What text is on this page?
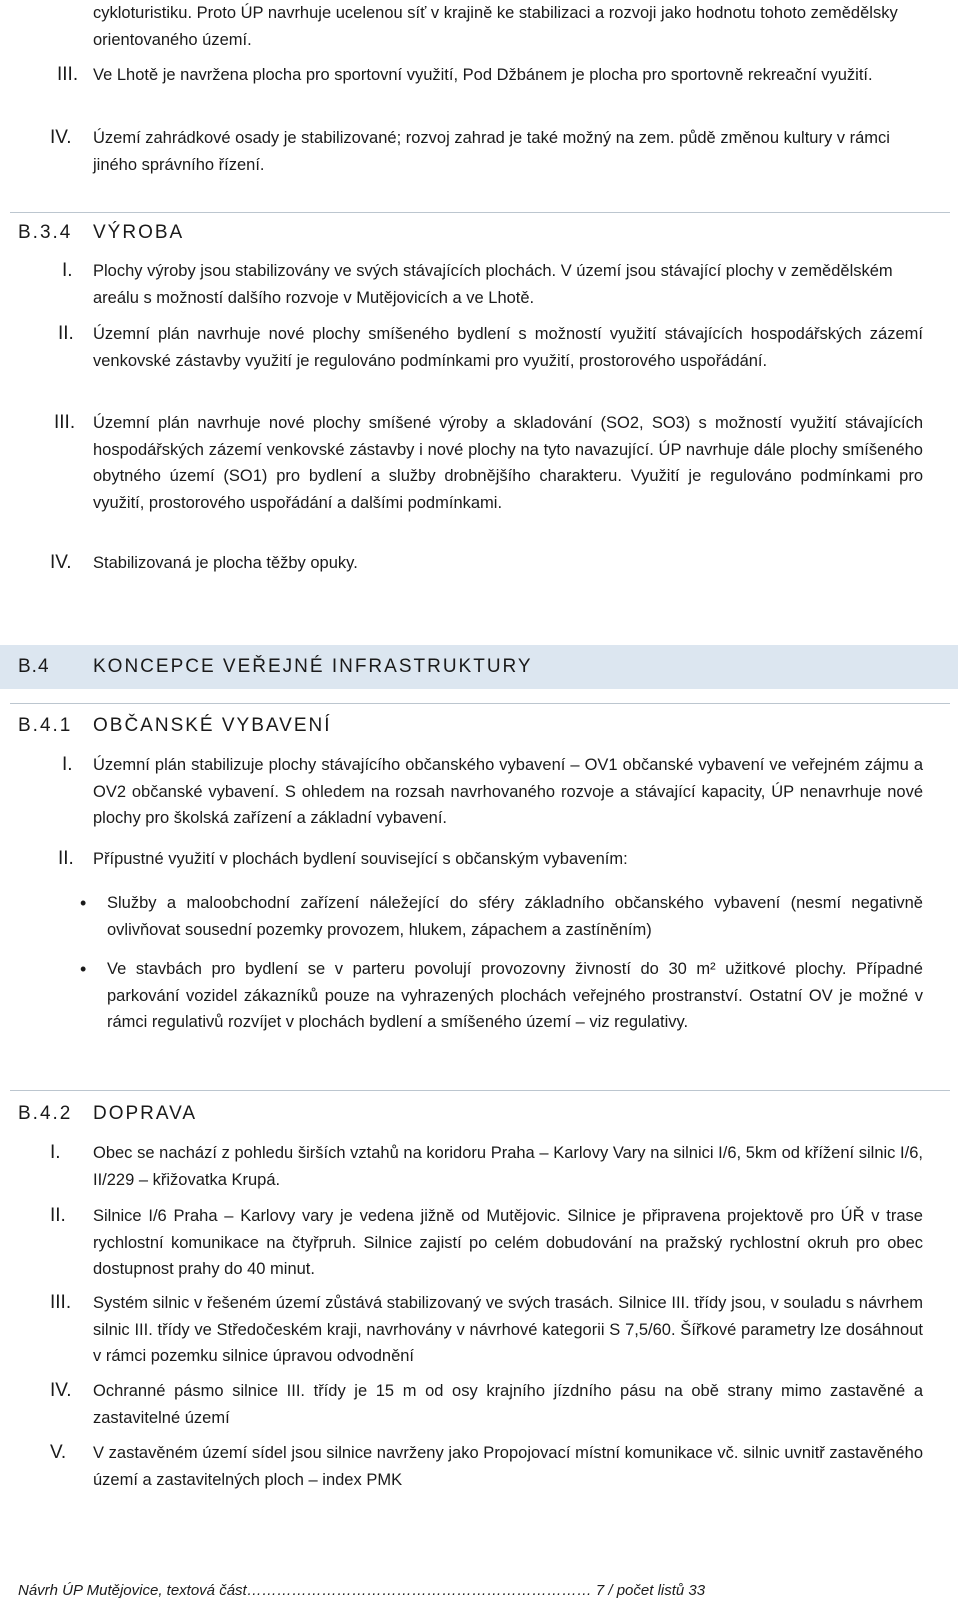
cykloturistiku. Proto ÚP navrhuje ucelenou síť v krajině ke stabilizaci a rozvoji jako hodnotu tohoto zemědělsky orientovaného území.
III. Ve Lhotě je navržena plocha pro sportovní využití, Pod Džbánem je plocha pro sportovně rekreační využití.
IV. Území zahrádkové osady je stabilizované; rozvoj zahrad je také možný na zem. půdě změnou kultury v rámci jiného správního řízení.
B.3.4 VÝROBA
I. Plochy výroby jsou stabilizovány ve svých stávajících plochách. V území jsou stávající plochy v zemědělském areálu s možností dalšího rozvoje v Mutějovicích a ve Lhotě.
II. Územní plán navrhuje nové plochy smíšeného bydlení s možností využití stávajících hospodářských zázemí venkovské zástavby využití je regulováno podmínkami pro využití, prostorového uspořádání.
III. Územní plán navrhuje nové plochy smíšené výroby a skladování (SO2, SO3) s možností využití stávajících hospodářských zázemí venkovské zástavby i nové plochy na tyto navazující. ÚP navrhuje dále plochy smíšeného obytného území (SO1) pro bydlení a služby drobnějšího charakteru. Využití je regulováno podmínkami pro využití, prostorového uspořádání a dalšími podmínkami.
IV. Stabilizovaná je plocha těžby opuky.
B.4 KONCEPCE VEŘEJNÉ INFRASTRUKTURY
B.4.1 OBČANSKÉ VYBAVENÍ
I. Územní plán stabilizuje plochy stávajícího občanského vybavení – OV1 občanské vybavení ve veřejném zájmu a OV2 občanské vybavení. S ohledem na rozsah navrhovaného rozvoje a stávající kapacity, ÚP nenavrhuje nové plochy pro školská zařízení a základní vybavení.
II. Přípustné využití v plochách bydlení související s občanským vybavením:
• Služby a maloobchodní zařízení náležející do sféry základního občanského vybavení (nesmí negativně ovlivňovat sousední pozemky provozem, hlukem, zápachem a zastíněním)
• Ve stavbách pro bydlení se v parteru povolují provozovny živností do 30 m² užitkové plochy. Případné parkování vozidel zákazníků pouze na vyhrazených plochách veřejného prostranství. Ostatní OV je možné v rámci regulativů rozvíjet v plochách bydlení a smíšeného území – viz regulativy.
B.4.2 DOPRAVA
I. Obec se nachází z pohledu širších vztahů na koridoru Praha – Karlovy Vary na silnici I/6, 5km od křížení silnic I/6, II/229 – křižovatka Krupá.
II. Silnice I/6 Praha – Karlovy vary je vedena jižně od Mutějovic. Silnice je připravena projektově pro ÚŘ v trase rychlostní komunikace na čtyřpruh. Silnice zajistí po celém dobudování na pražský rychlostní okruh pro obec dostupnost prahy do 40 minut.
III. Systém silnic v řešeném území zůstává stabilizovaný ve svých trasách. Silnice III. třídy jsou, v souladu s návrhem silnic III. třídy ve Středočeském kraji, navrhovány v návrhové kategorii S 7,5/60. Šířkové parametry lze dosáhnout v rámci pozemku silnice úpravou odvodnění
IV. Ochranné pásmo silnice III. třídy je 15 m od osy krajního jízdního pásu na obě strany mimo zastavěné a zastavitelné území
V. V zastavěném území sídel jsou silnice navrženy jako Propojovací místní komunikace vč. silnic uvnitř zastavěného území a zastavitelných ploch – index PMK
Návrh ÚP Mutějovice, textová část…………………………………………………………… 7 / počet listů 33
